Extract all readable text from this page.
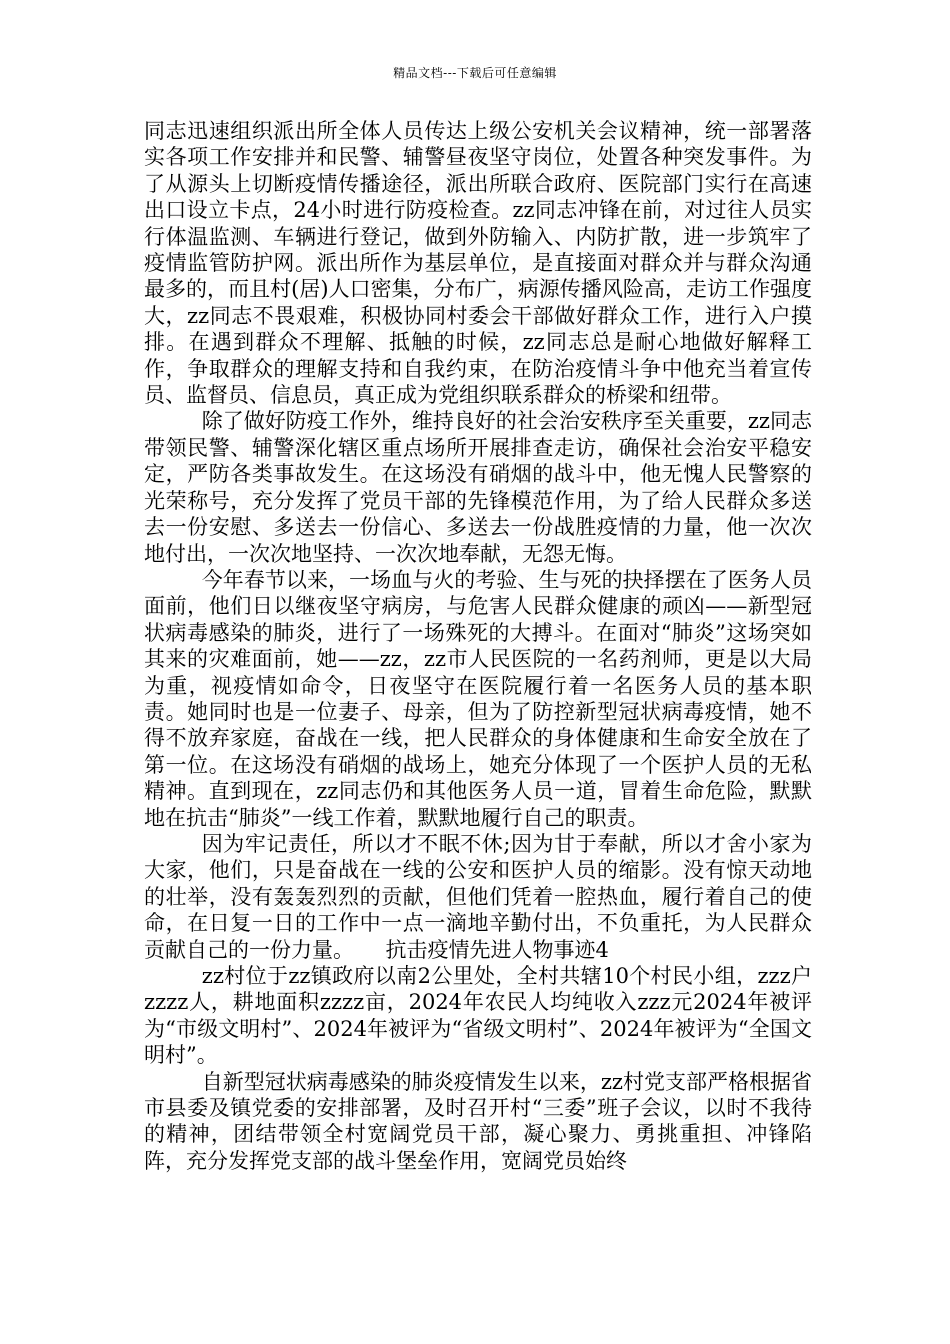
精品文档---下载后可任意编辑

同志迅速组织派出所全体人员传达上级公安机关会议精神，统一部署落实各项工作安排并和民警、辅警昼夜坚守岗位，处置各种突发事件。为了从源头上切断疫情传播途径，派出所联合政府、医院部门实行在高速出口设立卡点，24小时进行防疫检查。zz同志冲锋在前，对过往人员实行体温监测、车辆进行登记，做到外防输入、内防扩散，进一步筑牢了疫情监管防护网。派出所作为基层单位，是直接面对群众并与群众沟通最多的，而且村(居)人口密集，分布广，病源传播风险高，走访工作强度大，zz同志不畏艰难，积极协同村委会干部做好群众工作，进行入户摸排。在遇到群众不理解、抵触的时候，zz同志总是耐心地做好解释工作，争取群众的理解支持和自我约束，在防治疫情斗争中他充当着宣传员、监督员、信息员，真正成为党组织联系群众的桥梁和纽带。

除了做好防疫工作外，维持良好的社会治安秩序至关重要，zz同志带领民警、辅警深化辖区重点场所开展排查走访，确保社会治安平稳安定，严防各类事故发生。在这场没有硝烟的战斗中，他无愧人民警察的光荣称号，充分发挥了党员干部的先锋模范作用，为了给人民群众多送去一份安慰、多送去一份信心、多送去一份战胜疫情的力量，他一次次地付出，一次次地坚持、一次次地奉献，无怨无悔。

今年春节以来，一场血与火的考验、生与死的抉择摆在了医务人员面前，他们日以继夜坚守病房，与危害人民群众健康的顽凶——新型冠状病毒感染的肺炎，进行了一场殊死的大搏斗。在面对“肺炎”这场突如其来的灾难面前，她——zz，zz市人民医院的一名药剂师，更是以大局为重，视疫情如命令，日夜坚守在医院履行着一名医务人员的基本职责。她同时也是一位妻子、母亲，但为了防控新型冠状病毒疫情，她不得不放弃家庭，奋战在一线，把人民群众的身体健康和生命安全放在了第一位。在这场没有硝烟的战场上，她充分体现了一个医护人员的无私精神。直到现在，zz同志仍和其他医务人员一道，冒着生命危险，默默地在抗击“肺炎”一线工作着，默默地履行自己的职责。

因为牢记责任，所以才不眠不休;因为甘于奉献，所以才舍小家为大家，他们，只是奋战在一线的公安和医护人员的缩影。没有惊天动地的壮举，没有轰轰烈烈的贡献，但他们凭着一腔热血，履行着自己的使命，在日复一日的工作中一点一滴地辛勤付出，不负重托，为人民群众贡献自己的一份力量。　　抗击疫情先进人物事迹4

zz村位于zz镇政府以南2公里处，全村共辖10个村民小组，zzz户zzzz人，耕地面积zzzz亩，2024年农民人均纯收入zzz元2024年被评为“市级文明村”、2024年被评为“省级文明村”、2024年被评为“全国文明村”。

自新型冠状病毒感染的肺炎疫情发生以来，zz村党支部严格根据省市县委及镇党委的安排部署，及时召开村“三委”班子会议，以时不我待的精神，团结带领全村宽阔党员干部，凝心聚力、勇挑重担、冲锋陷阵，充分发挥党支部的战斗堡垒作用，宽阔党员始终
